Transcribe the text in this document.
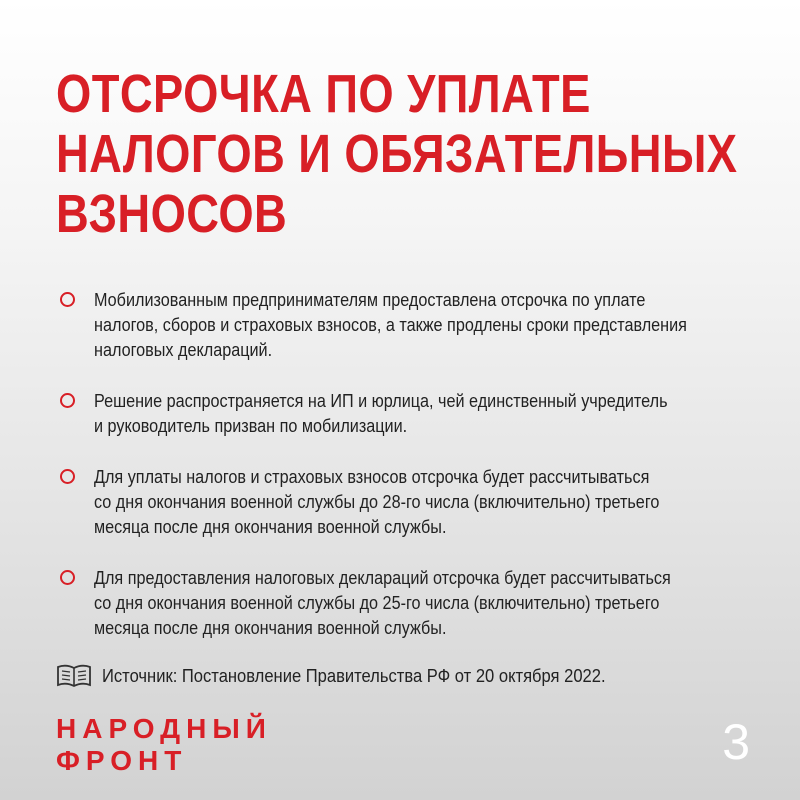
ОТСРОЧКА ПО УПЛАТЕ
НАЛОГОВ И ОБЯЗАТЕЛЬНЫХ
ВЗНОСОВ
Мобилизованным предпринимателям предоставлена отсрочка по уплате
налогов, сборов и страховых взносов, а также продлены сроки представления
налоговых деклараций.
Решение распространяется на ИП и юрлица, чей единственный учредитель
и руководитель призван по мобилизации.
Для уплаты налогов и страховых взносов отсрочка будет рассчитываться
со дня окончания военной службы до 28-го числа (включительно) третьего
месяца после дня окончания военной службы.
Для предоставления налоговых деклараций отсрочка будет рассчитываться
со дня окончания военной службы до 25-го числа (включительно) третьего
месяца после дня окончания военной службы.
Источник: Постановление Правительства РФ от 20 октября 2022.
НАРОДНЫЙ
ФРОНТ	3
